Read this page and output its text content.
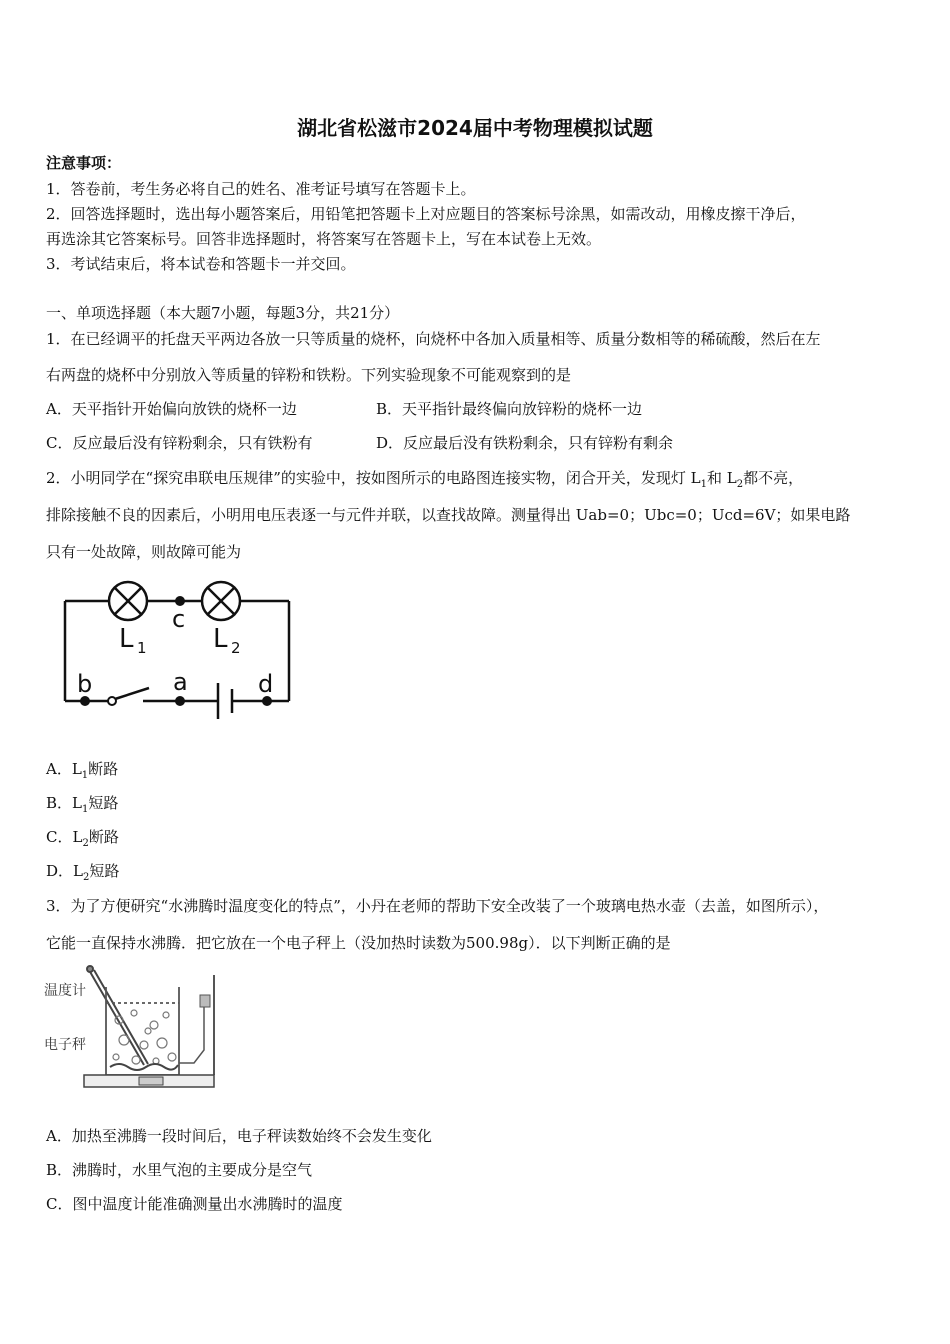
湖北省松滋市2024届中考物理模拟试题
注意事项：
1．答卷前，考生务必将自己的姓名、准考证号填写在答题卡上。
2．回答选择题时，选出每小题答案后，用铅笔把答题卡上对应题目的答案标号涂黑，如需改动，用橡皮擦干净后，
再选涂其它答案标号。回答非选择题时，将答案写在答题卡上，写在本试卷上无效。
3．考试结束后，将本试卷和答题卡一并交回。
一、单项选择题（本大题7小题，每题3分，共21分）
1．在已经调平的托盘天平两边各放一只等质量的烧杯，向烧杯中各加入质量相等、质量分数相等的稀硫酸，然后在左
右两盘的烧杯中分别放入等质量的锌粉和铁粉。下列实验现象不可能观察到的是
A．天平指针开始偏向放铁的烧杯一边	B．天平指针最终偏向放锌粉的烧杯一边
C．反应最后没有锌粉剩余，只有铁粉有	D．反应最后没有铁粉剩余，只有锌粉有剩余
2．小明同学在“探究串联电压规律”的实验中，按如图所示的电路图连接实物，闭合开关，发现灯 $L_1$和 $L_2$都不亮，
排除接触不良的因素后，小明用电压表逐一与元件并联，以查找故障。测量得出 Uab=0；Ubc=0；Ucd=6V；如果电路
只有一处故障，则故障可能为
c
b	a	d
L 1	L 2
A．$L_1$断路
B．$L_1$短路
C．$L_2$断路
D．$L_2$短路
3．为了方便研究“水沸腾时温度变化的特点”，小丹在老师的帮助下安全改装了一个玻璃电热水壶（去盖，如图所示），
它能一直保持水沸腾．把它放在一个电子秤上（没加热时读数为500.98g）．以下判断正确的是
温度计
电子秤
A．加热至沸腾一段时间后，电子秤读数始终不会发生变化
B．沸腾时，水里气泡的主要成分是空气
C．图中温度计能准确测量出水沸腾时的温度
